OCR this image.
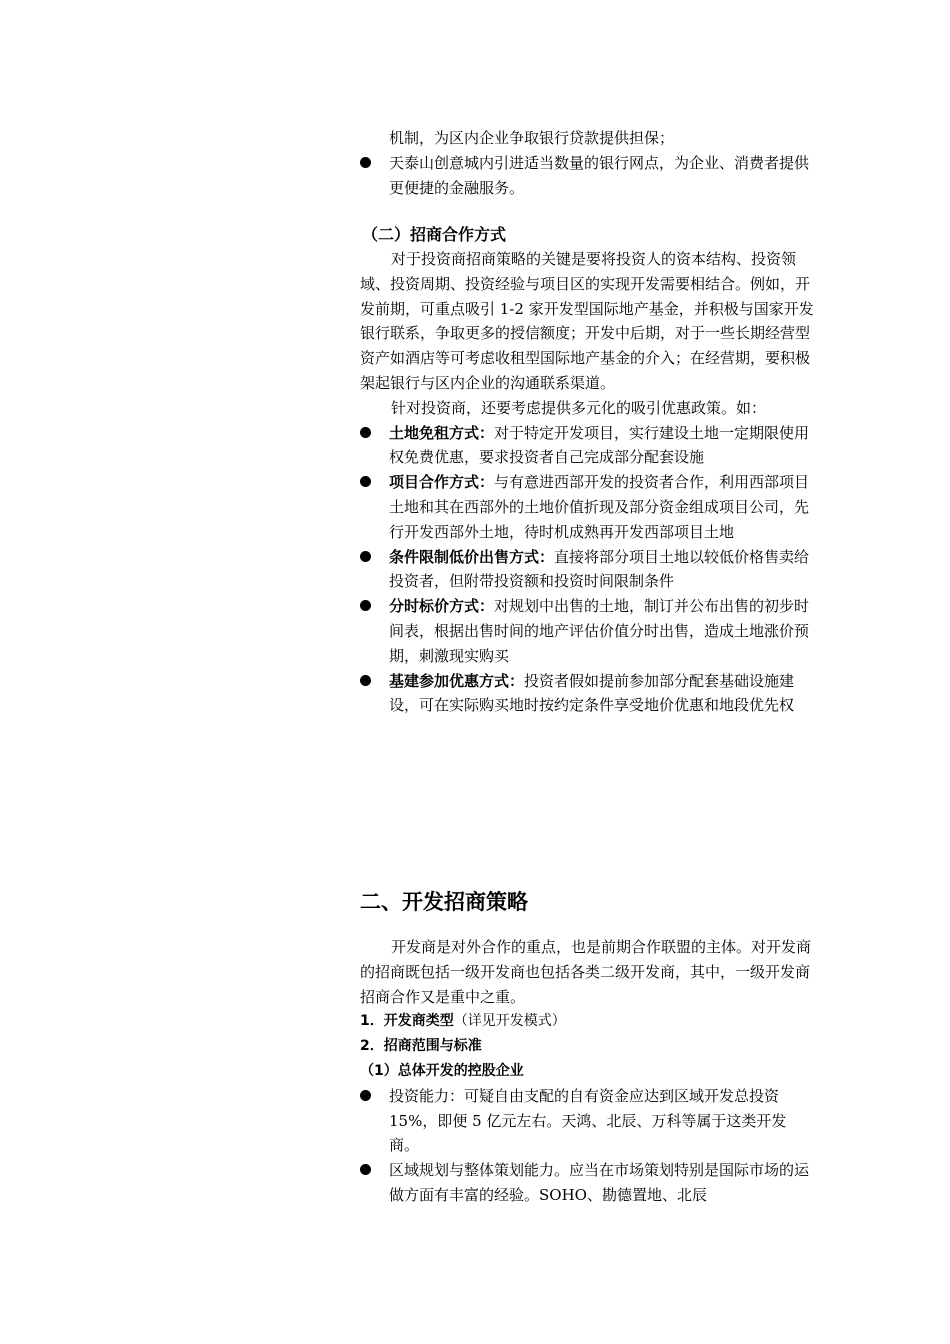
机制，为区内企业争取银行贷款提供担保；

天泰山创意城内引进适当数量的银行网点，为企业、消费者提供更便捷的金融服务。

（二）招商合作方式

对于投资商招商策略的关键是要将投资人的资本结构、投资领域、投资周期、投资经验与项目区的实现开发需要相结合。例如，开发前期，可重点吸引 1-2 家开发型国际地产基金，并积极与国家开发银行联系，争取更多的授信额度；开发中后期，对于一些长期经营型资产如酒店等可考虑收租型国际地产基金的介入；在经营期，要积极架起银行与区内企业的沟通联系渠道。

针对投资商，还要考虑提供多元化的吸引优惠政策。如：

土地免租方式：对于特定开发项目，实行建设土地一定期限使用权免费优惠，要求投资者自己完成部分配套设施

项目合作方式：与有意进西部开发的投资者合作，利用西部项目土地和其在西部外的土地价值折现及部分资金组成项目公司，先行开发西部外土地，待时机成熟再开发西部项目土地

条件限制低价出售方式：直接将部分项目土地以较低价格售卖给投资者，但附带投资额和投资时间限制条件

分时标价方式：对规划中出售的土地，制订并公布出售的初步时间表，根据出售时间的地产评估价值分时出售，造成土地涨价预期，刺激现实购买

基建参加优惠方式：投资者假如提前参加部分配套基础设施建设，可在实际购买地时按约定条件享受地价优惠和地段优先权

二、开发招商策略

开发商是对外合作的重点，也是前期合作联盟的主体。对开发商的招商既包括一级开发商也包括各类二级开发商，其中，一级开发商招商合作又是重中之重。

1．开发商类型（详见开发模式）

2．招商范围与标准

（1）总体开发的控股企业

投资能力：可疑自由支配的自有资金应达到区域开发总投资 15%，即便 5 亿元左右。天鸿、北辰、万科等属于这类开发商。

区域规划与整体策划能力。应当在市场策划特别是国际市场的运做方面有丰富的经验。SOHO、勘德置地、北辰
